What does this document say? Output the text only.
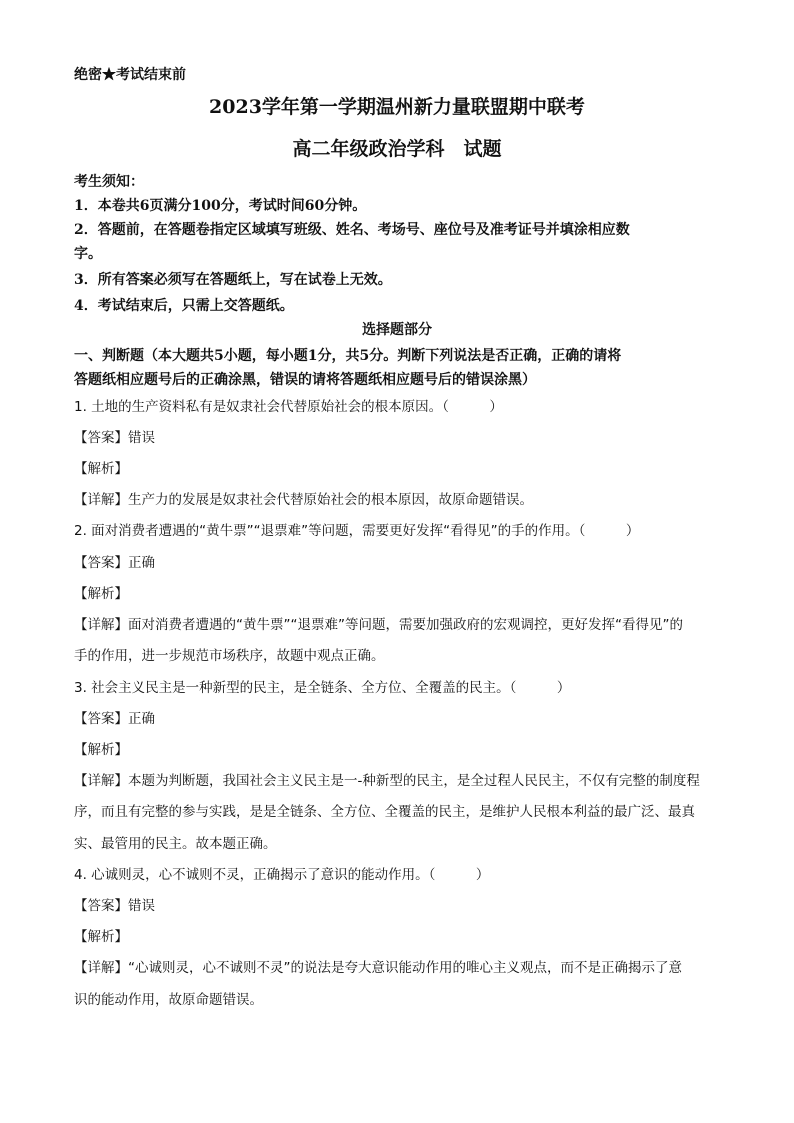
绝密★考试结束前
2023学年第一学期温州新力量联盟期中联考
高二年级政治学科　试题
考生须知：
1．本卷共6页满分100分，考试时间60分钟。
2．答题前，在答题卷指定区域填写班级、姓名、考场号、座位号及准考证号并填涂相应数
字。
3．所有答案必须写在答题纸上，写在试卷上无效。
4．考试结束后，只需上交答题纸。
选择题部分
一、判断题（本大题共5小题，每小题1分，共5分。判断下列说法是否正确，正确的请将
答题纸相应题号后的正确涂黑，错误的请将答题纸相应题号后的错误涂黑）
1. 土地的生产资料私有是奴隶社会代替原始社会的根本原因。（　　　）
【答案】错误
【解析】
【详解】生产力的发展是奴隶社会代替原始社会的根本原因，故原命题错误。
2. 面对消费者遭遇的“黄牛票”“退票难”等问题，需要更好发挥“看得见”的手的作用。（　　　）
【答案】正确
【解析】
【详解】面对消费者遭遇的“黄牛票”“退票难”等问题，需要加强政府的宏观调控，更好发挥“看得见”的
手的作用，进一步规范市场秩序，故题中观点正确。
3. 社会主义民主是一种新型的民主，是全链条、全方位、全覆盖的民主。（　　　）
【答案】正确
【解析】
【详解】本题为判断题，我国社会主义民主是一-种新型的民主，是全过程人民民主，不仅有完整的制度程
序，而且有完整的参与实践，是是全链条、全方位、全覆盖的民主，是维护人民根本利益的最广泛、最真
实、最管用的民主。故本题正确。
4. 心诚则灵，心不诚则不灵，正确揭示了意识的能动作用。（　　　）
【答案】错误
【解析】
【详解】“心诚则灵，心不诚则不灵”的说法是夸大意识能动作用的唯心主义观点，而不是正确揭示了意
识的能动作用，故原命题错误。
